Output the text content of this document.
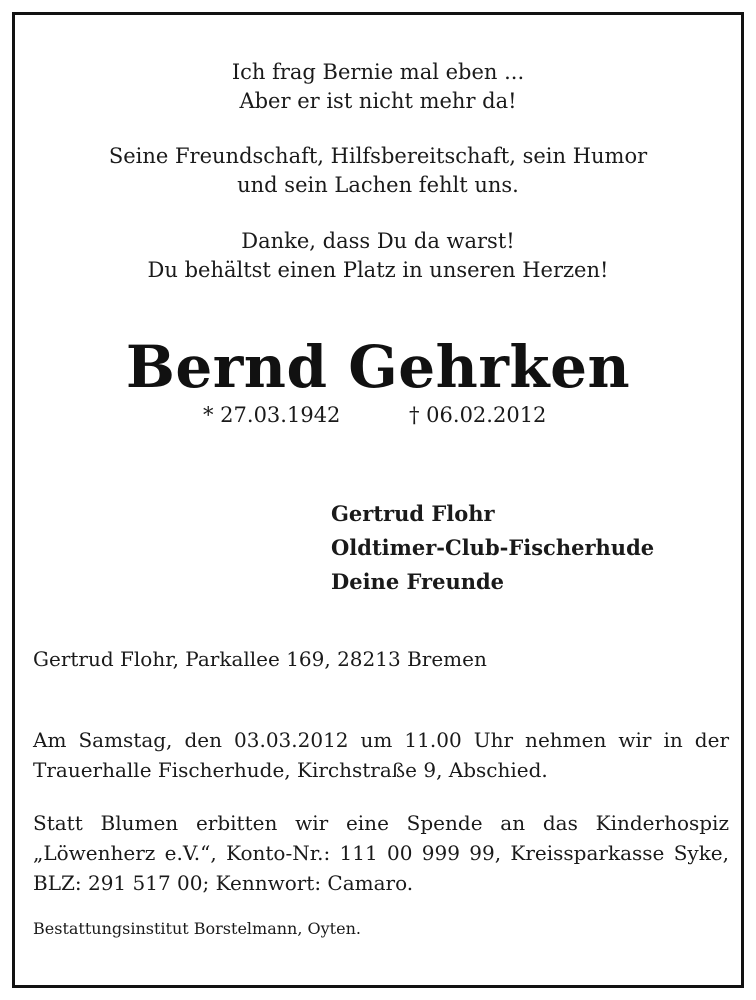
Ich frag Bernie mal eben ...
Aber er ist nicht mehr da!
Seine Freundschaft, Hilfsbereitschaft, sein Humor
und sein Lachen fehlt uns.
Danke, dass Du da warst!
Du behältst einen Platz in unseren Herzen!
Bernd Gehrken
* 27.03.1942	† 06.02.2012
Gertrud Flohr
Oldtimer-Club-Fischerhude
Deine Freunde
Gertrud Flohr, Parkallee 169, 28213 Bremen
Am Samstag, den 03.03.2012 um 11.00 Uhr nehmen wir in der Trauerhalle Fischerhude, Kirchstraße 9, Abschied.
Statt Blumen erbitten wir eine Spende an das Kinderhospiz „Löwenherz e.V.“, Konto-Nr.: 111 00 999 99, Kreissparkasse Syke, BLZ: 291 517 00; Kennwort: Camaro.
Bestattungsinstitut Borstelmann, Oyten.
